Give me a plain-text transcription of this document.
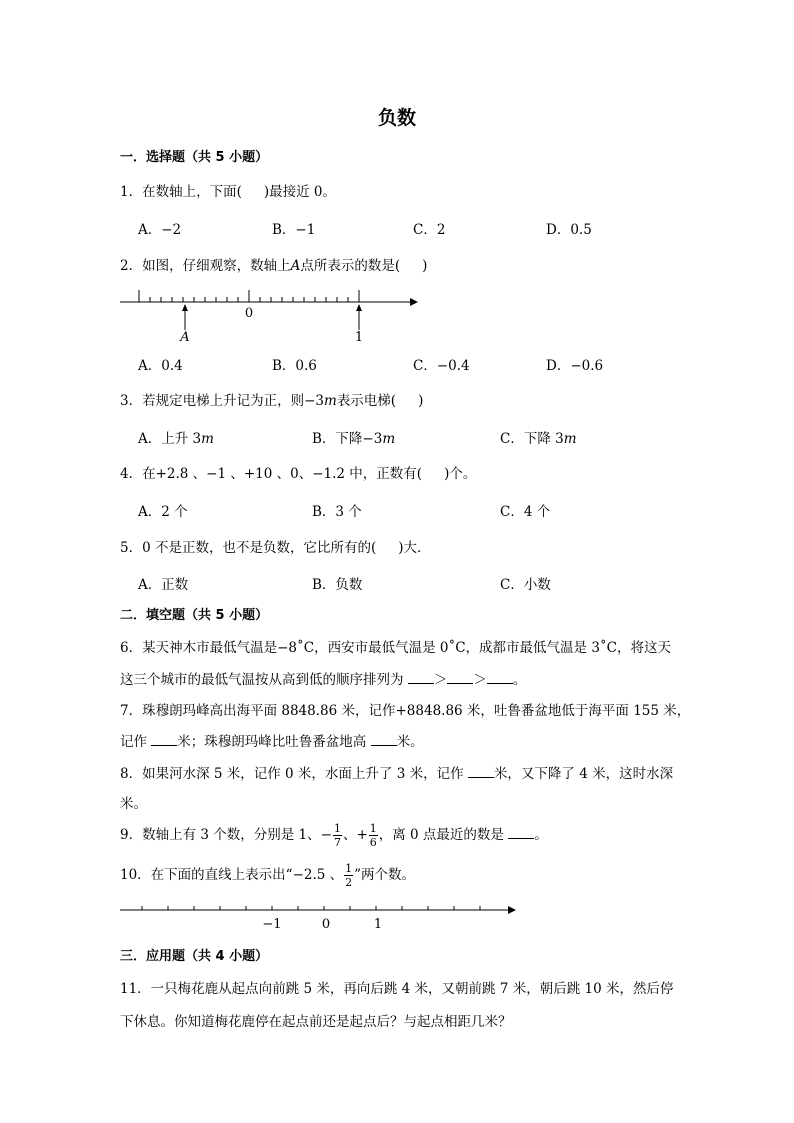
负数
一．选择题（共 5 小题）
1．在数轴上，下面( )最接近 0。
A．−2	B．−1	C．2	D．0.5
2．如图，仔细观察，数轴上A点所表示的数是( )
0
1
A
A．0.4	B．0.6	C．−0.4	D．−0.6
3．若规定电梯上升记为正，则−3m表示电梯( )
A．上升 3m	B．下降−3m	C．下降 3m
4．在+2.8 、−1 、+10 、0、−1.2 中，正数有( )个。
A．2 个	B．3 个	C．4 个
5．0 不是正数，也不是负数，它比所有的( )大．
A．正数	B．负数	C．小数
二．填空题（共 5 小题）
6．某天神木市最低气温是−8˚C，西安市最低气温是 0˚C，成都市最低气温是 3˚C，将这天
这三个城市的最低气温按从高到低的顺序排列为 ＞ ＞ 。
7．珠穆朗玛峰高出海平面 8848.86 米，记作+8848.86 米，吐鲁番盆地低于海平面 155 米，
记作 米；珠穆朗玛峰比吐鲁番盆地高 米。
8．如果河水深 5 米，记作 0 米，水面上升了 3 米，记作 米，又下降了 4 米，这时水深
米。
9．数轴上有 3 个数，分别是 1、− $\frac{1}{7}$ 、+ $\frac{1}{6}$ ，离 0 点最近的数是 。
10．在下面的直线上表示出“−2.5 、 $\frac{1}{2}$ ”两个数。
−1	0	1
三．应用题（共 4 小题）
11．一只梅花鹿从起点向前跳 5 米，再向后跳 4 米，又朝前跳 7 米，朝后跳 10 米，然后停
下休息。你知道梅花鹿停在起点前还是起点后？与起点相距几米？
